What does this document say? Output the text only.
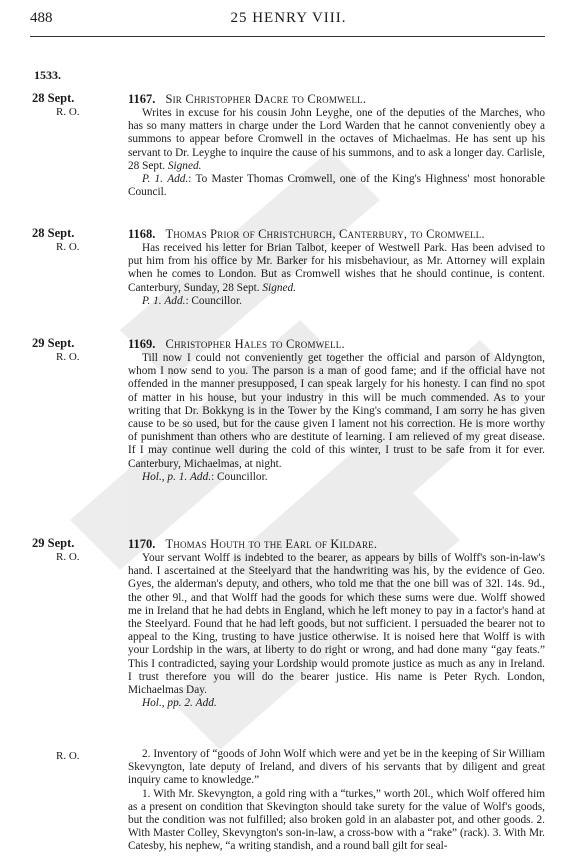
488	25 HENRY VIII.
1533.
28 Sept.
R. O.
1167. Sir Christopher Dacre to Cromwell.

Writes in excuse for his cousin John Leyghe, one of the deputies of the Marches, who has so many matters in charge under the Lord Warden that he cannot conveniently obey a summons to appear before Cromwell in the octaves of Michaelmas. He has sent up his servant to Dr. Leyghe to inquire the cause of his summons, and to ask a longer day. Carlisle, 28 Sept. Signed.

P. 1. Add.: To Master Thomas Cromwell, one of the King's Highness' most honorable Council.

28 Sept.
R. O.
1168. Thomas Prior of Christchurch, Canterbury, to Cromwell.

Has received his letter for Brian Talbot, keeper of Westwell Park. Has been advised to put him from his office by Mr. Barker for his misbehaviour, as Mr. Attorney will explain when he comes to London. But as Cromwell wishes that he should continue, is content. Canterbury, Sunday, 28 Sept. Signed.

P. 1. Add.: Councillor.

29 Sept.
R. O.
1169. Christopher Hales to Cromwell.

Till now I could not conveniently get together the official and parson of Aldyngton, whom I now send to you. The parson is a man of good fame; and if the official have not offended in the manner presupposed, I can speak largely for his honesty. I can find no spot of matter in his house, but your industry in this will be much commended. As to your writing that Dr. Bokkyng is in the Tower by the King's command, I am sorry he has given cause to be so used, but for the cause given I lament not his correction. He is more worthy of punishment than others who are destitute of learning. I am relieved of my great disease. If I may continue well during the cold of this winter, I trust to be safe from it for ever. Canterbury, Michaelmas, at night.

Hol., p. 1. Add.: Councillor.

29 Sept.
R. O.
1170. Thomas Houth to the Earl of Kildare.

Your servant Wolff is indebted to the bearer, as appears by bills of Wolff's son-in-law's hand. I ascertained at the Steelyard that the handwriting was his, by the evidence of Geo. Gyes, the alderman's deputy, and others, who told me that the one bill was of 32l. 14s. 9d., the other 9l., and that Wolff had the goods for which these sums were due. Wolff showed me in Ireland that he had debts in England, which he left money to pay in a factor's hand at the Steelyard. Found that he had left goods, but not sufficient. I persuaded the bearer not to appeal to the King, trusting to have justice otherwise. It is noised here that Wolff is with your Lordship in the wars, at liberty to do right or wrong, and had done many “gay feats.” This I contradicted, saying your Lordship would promote justice as much as any in Ireland. I trust therefore you will do the bearer justice. His name is Peter Rych. London, Michaelmas Day.

Hol., pp. 2. Add.

R. O.	2. Inventory of “goods of John Wolf which were and yet be in the keeping of Sir William Skevyngton, late deputy of Ireland, and divers of his servants that by diligent and great inquiry came to knowledge.”

1. With Mr. Skevyngton, a gold ring with a “turkes,” worth 20l., which Wolf offered him as a present on condition that Skevington should take surety for the value of Wolf's goods, but the condition was not fulfilled; also broken gold in an alabaster pot, and other goods. 2. With Master Colley, Skevyngton's son-in-law, a cross-bow with a “rake” (rack). 3. With Mr. Catesby, his nephew, “a writing standish, and a round ball gilt for seal-
